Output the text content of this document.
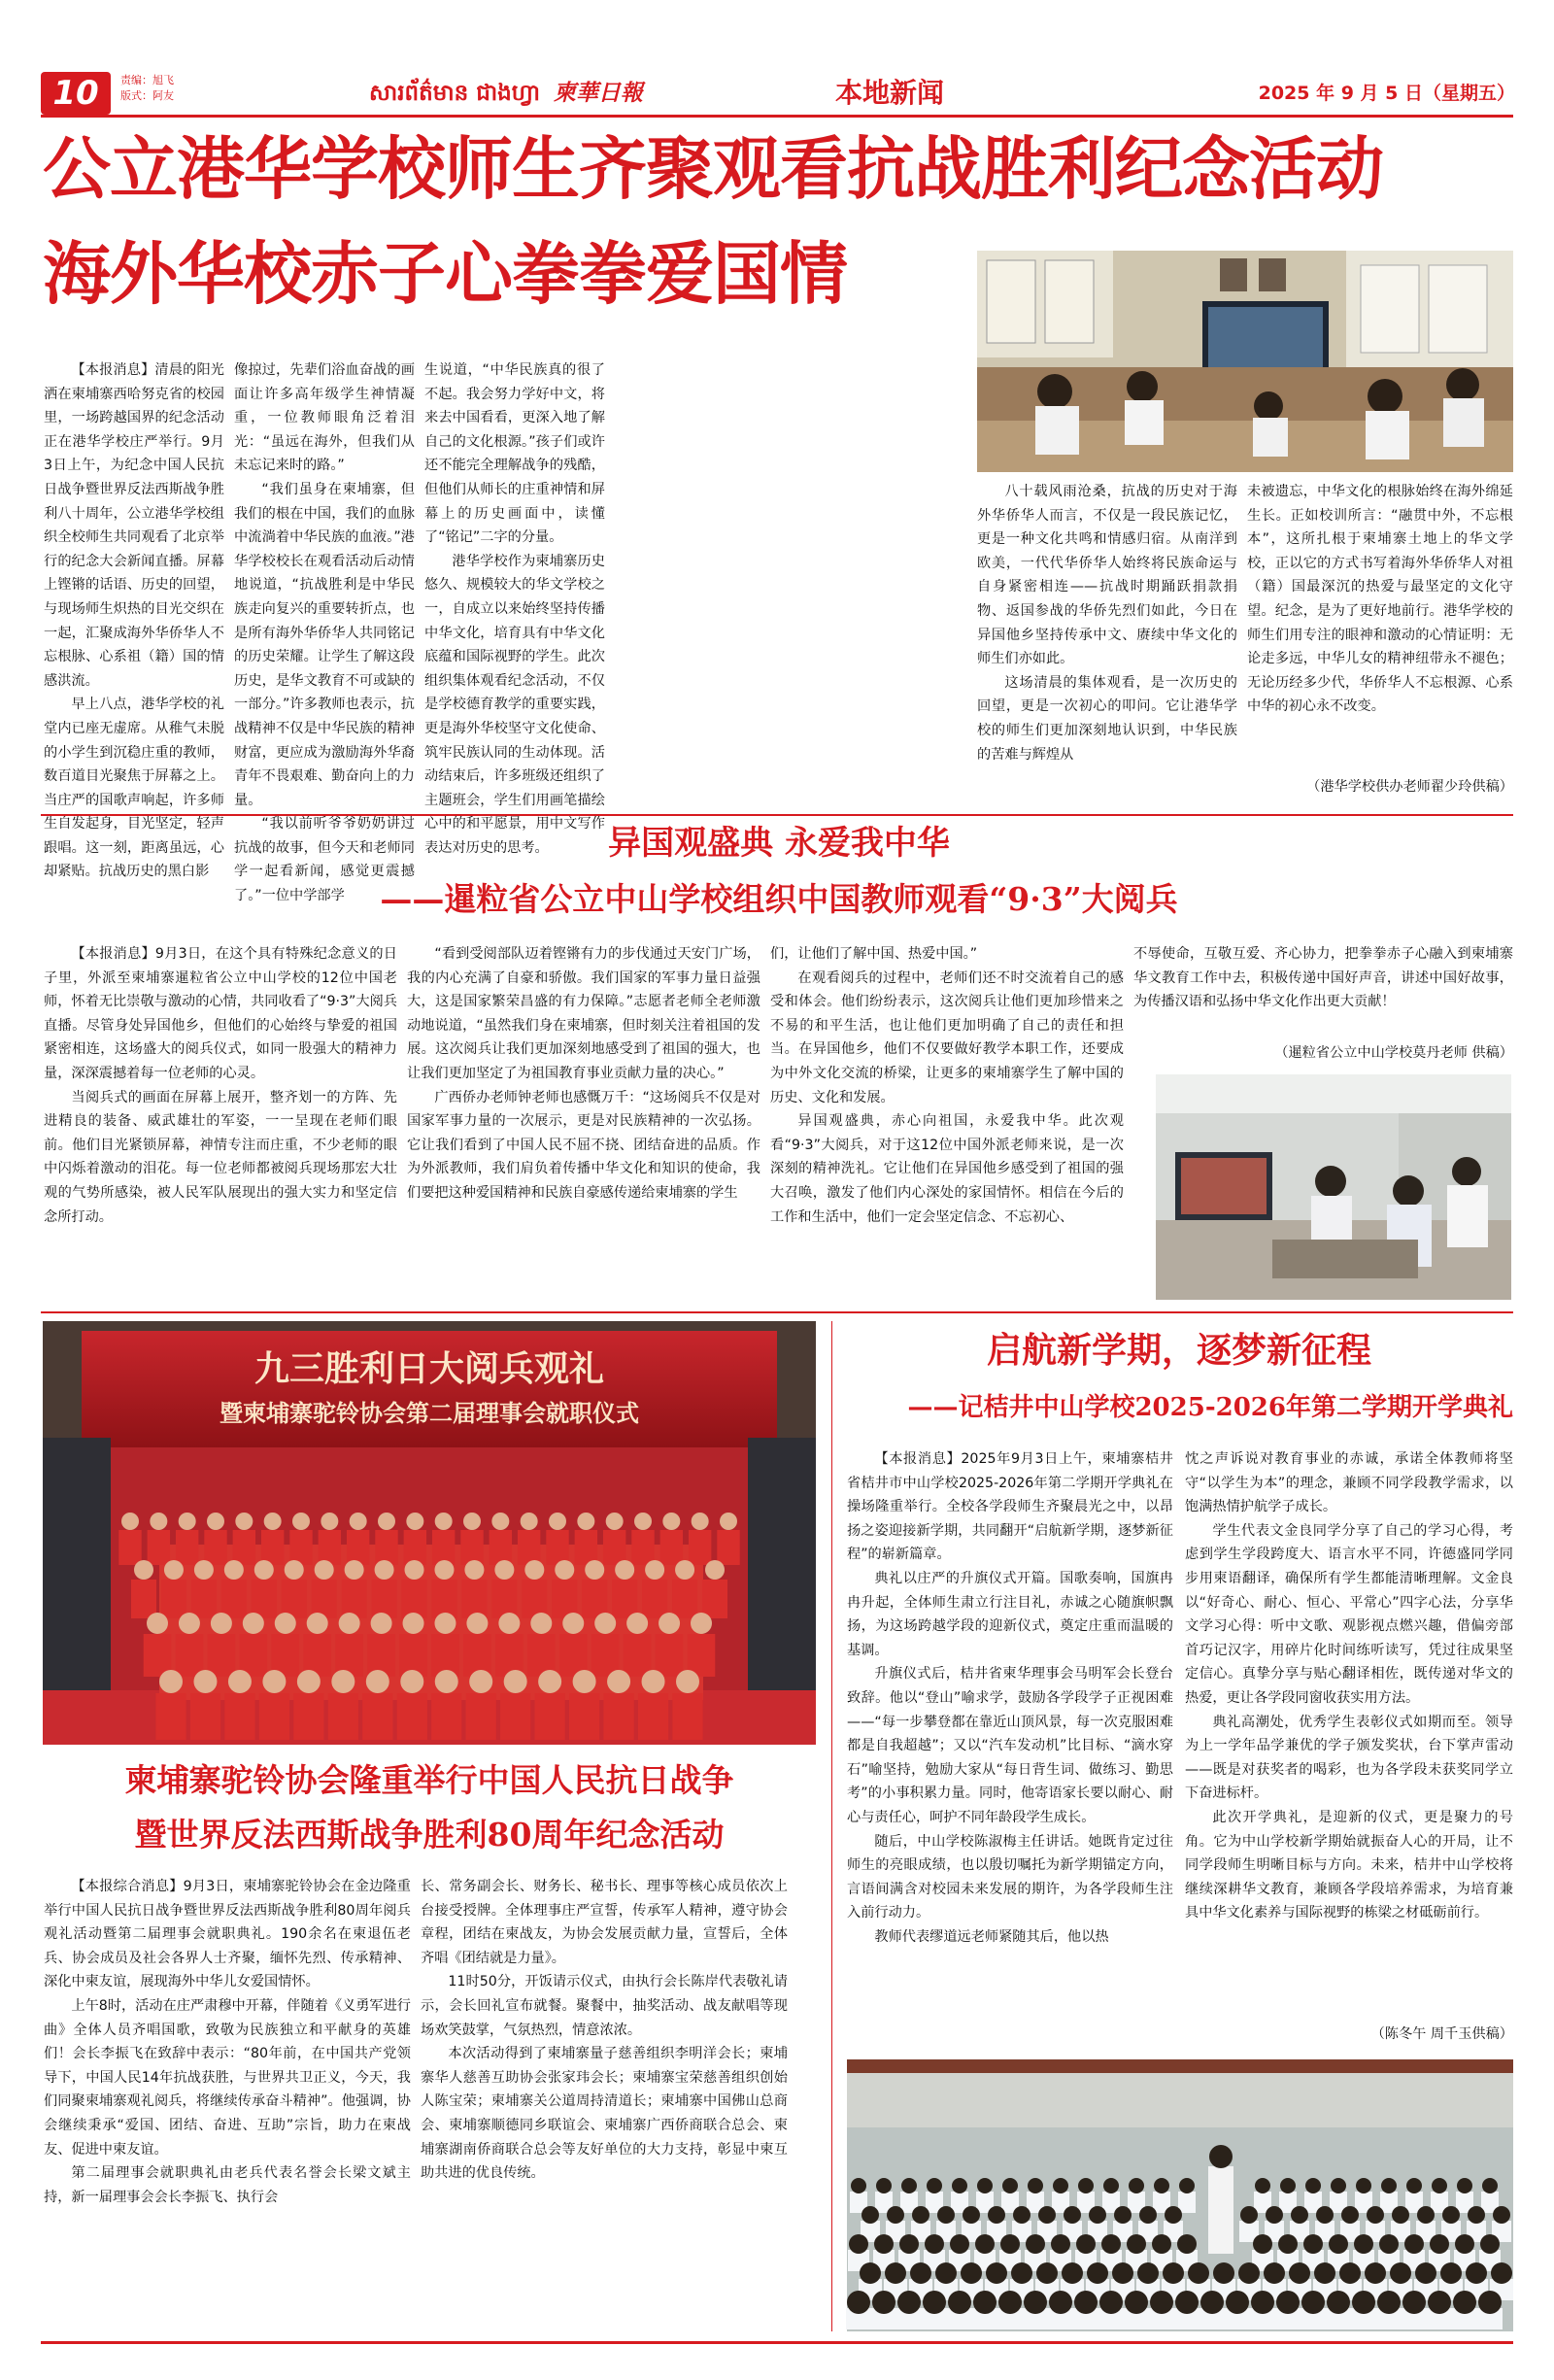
10	责编：旭飞
版式：阿友	សារព័ត៌មាន ជាងហ្វា 柬華日報	本地新闻	2025 年 9 月 5 日（星期五）
公立港华学校师生齐聚观看抗战胜利纪念活动
海外华校赤子心拳拳爱国情

【本报消息】清晨的阳光洒在柬埔寨西哈努克省的校园里，一场跨越国界的纪念活动正在港华学校庄严举行。9月3日上午，为纪念中国人民抗日战争暨世界反法西斯战争胜利八十周年，公立港华学校组织全校师生共同观看了北京举行的纪念大会新闻直播。屏幕上铿锵的话语、历史的回望，与现场师生炽热的目光交织在一起，汇聚成海外华侨华人不忘根脉、心系祖（籍）国的情感洪流。

早上八点，港华学校的礼堂内已座无虚席。从稚气未脱的小学生到沉稳庄重的教师，数百道目光聚焦于屏幕之上。当庄严的国歌声响起，许多师生自发起身，目光坚定，轻声跟唱。这一刻，距离虽远，心却紧贴。抗战历史的黑白影

像掠过，先辈们浴血奋战的画面让许多高年级学生神情凝重，一位教师眼角泛着泪光：“虽远在海外，但我们从未忘记来时的路。”

“我们虽身在柬埔寨，但我们的根在中国，我们的血脉中流淌着中华民族的血液。”港华学校校长在观看活动后动情地说道，“抗战胜利是中华民族走向复兴的重要转折点，也是所有海外华侨华人共同铭记的历史荣耀。让学生了解这段历史，是华文教育不可或缺的一部分。”许多教师也表示，抗战精神不仅是中华民族的精神财富，更应成为激励海外华裔青年不畏艰难、勤奋向上的力量。

“我以前听爷爷奶奶讲过抗战的故事，但今天和老师同学一起看新闻，感觉更震撼了。”一位中学部学

生说道，“中华民族真的很了不起。我会努力学好中文，将来去中国看看，更深入地了解自己的文化根源。”孩子们或许还不能完全理解战争的残酷，但他们从师长的庄重神情和屏幕上的历史画面中，读懂了“铭记”二字的分量。

港华学校作为柬埔寨历史悠久、规模较大的华文学校之一，自成立以来始终坚持传播中华文化，培育具有中华文化底蕴和国际视野的学生。此次组织集体观看纪念活动，不仅是学校德育教学的重要实践，更是海外华校坚守文化使命、筑牢民族认同的生动体现。活动结束后，许多班级还组织了主题班会，学生们用画笔描绘心中的和平愿景，用中文写作表达对历史的思考。

八十载风雨沧桑，抗战的历史对于海外华侨华人而言，不仅是一段民族记忆，更是一种文化共鸣和情感归宿。从南洋到欧美，一代代华侨华人始终将民族命运与自身紧密相连——抗战时期踊跃捐款捐物、返国参战的华侨先烈们如此，今日在异国他乡坚持传承中文、赓续中华文化的师生们亦如此。

这场清晨的集体观看，是一次历史的回望，更是一次初心的叩问。它让港华学校的师生们更加深刻地认识到，中华民族的苦难与辉煌从

未被遗忘，中华文化的根脉始终在海外绵延生长。正如校训所言：“融贯中外，不忘根本”，这所扎根于柬埔寨土地上的华文学校，正以它的方式书写着海外华侨华人对祖（籍）国最深沉的热爱与最坚定的文化守望。纪念，是为了更好地前行。港华学校的师生们用专注的眼神和激动的心情证明：无论走多远，中华儿女的精神纽带永不褪色；无论历经多少代，华侨华人不忘根源、心系中华的初心永不改变。

（港华学校供办老师翟少玲供稿）
异国观盛典 永爱我中华
——暹粒省公立中山学校组织中国教师观看“9·3”大阅兵

【本报消息】9月3日，在这个具有特殊纪念意义的日子里，外派至柬埔寨暹粒省公立中山学校的12位中国老师，怀着无比崇敬与激动的心情，共同收看了“9·3”大阅兵直播。尽管身处异国他乡，但他们的心始终与挚爱的祖国紧密相连，这场盛大的阅兵仪式，如同一股强大的精神力量，深深震撼着每一位老师的心灵。

当阅兵式的画面在屏幕上展开，整齐划一的方阵、先进精良的装备、威武雄壮的军姿，一一呈现在老师们眼前。他们目光紧锁屏幕，神情专注而庄重，不少老师的眼中闪烁着激动的泪花。每一位老师都被阅兵现场那宏大壮观的气势所感染，被人民军队展现出的强大实力和坚定信念所打动。

“看到受阅部队迈着铿锵有力的步伐通过天安门广场，我的内心充满了自豪和骄傲。我们国家的军事力量日益强大，这是国家繁荣昌盛的有力保障。”志愿者老师全老师激动地说道，“虽然我们身在柬埔寨，但时刻关注着祖国的发展。这次阅兵让我们更加深刻地感受到了祖国的强大，也让我们更加坚定了为祖国教育事业贡献力量的决心。”

广西侨办老师钟老师也感慨万千：“这场阅兵不仅是对国家军事力量的一次展示，更是对民族精神的一次弘扬。它让我们看到了中国人民不屈不挠、团结奋进的品质。作为外派教师，我们肩负着传播中华文化和知识的使命，我们要把这种爱国精神和民族自豪感传递给柬埔寨的学生

们，让他们了解中国、热爱中国。”

在观看阅兵的过程中，老师们还不时交流着自己的感受和体会。他们纷纷表示，这次阅兵让他们更加珍惜来之不易的和平生活，也让他们更加明确了自己的责任和担当。在异国他乡，他们不仅要做好教学本职工作，还要成为中外文化交流的桥梁，让更多的柬埔寨学生了解中国的历史、文化和发展。

异国观盛典，赤心向祖国，永爱我中华。此次观看“9·3”大阅兵，对于这12位中国外派老师来说，是一次深刻的精神洗礼。它让他们在异国他乡感受到了祖国的强大召唤，激发了他们内心深处的家国情怀。相信在今后的工作和生活中，他们一定会坚定信念、不忘初心、

不辱使命，互敬互爱、齐心协力，把拳拳赤子心融入到柬埔寨华文教育工作中去，积极传递中国好声音，讲述中国好故事，为传播汉语和弘扬中华文化作出更大贡献！

（暹粒省公立中山学校莫丹老师 供稿）
九三胜利日大阅兵观礼
暨柬埔寨驼铃协会第二届理事会就职仪式
柬埔寨驼铃协会隆重举行中国人民抗日战争
暨世界反法西斯战争胜利80周年纪念活动

【本报综合消息】9月3日，柬埔寨驼铃协会在金边隆重举行中国人民抗日战争暨世界反法西斯战争胜利80周年阅兵观礼活动暨第二届理事会就职典礼。190余名在柬退伍老兵、协会成员及社会各界人士齐聚，缅怀先烈、传承精神、深化中柬友谊，展现海外中华儿女爱国情怀。

上午8时，活动在庄严肃穆中开幕，伴随着《义勇军进行曲》全体人员齐唱国歌，致敬为民族独立和平献身的英雄们！会长李振飞在致辞中表示：“80年前，在中国共产党领导下，中国人民14年抗战获胜，与世界共卫正义，今天，我们同聚柬埔寨观礼阅兵，将继续传承奋斗精神”。他强调，协会继续秉承“爱国、团结、奋进、互助”宗旨，助力在柬战友、促进中柬友谊。

第二届理事会就职典礼由老兵代表名誉会长梁文斌主持，新一届理事会会长李振飞、执行会

长、常务副会长、财务长、秘书长、理事等核心成员依次上台接受授牌。全体理事庄严宣誓，传承军人精神，遵守协会章程，团结在柬战友，为协会发展贡献力量，宣誓后，全体齐唱《团结就是力量》。

11时50分，开饭请示仪式，由执行会长陈岸代表敬礼请示，会长回礼宣布就餐。聚餐中，抽奖活动、战友献唱等现场欢笑鼓掌，气氛热烈，情意浓浓。

本次活动得到了柬埔寨量子慈善组织李明洋会长；柬埔寨华人慈善互助协会张家玮会长；柬埔寨宝荣慈善组织创始人陈宝荣；柬埔寨关公道周持清道长；柬埔寨中国佛山总商会、柬埔寨顺德同乡联谊会、柬埔寨广西侨商联合总会、柬埔寨湖南侨商联合总会等友好单位的大力支持，彰显中柬互助共进的优良传统。

启航新学期，逐梦新征程
——记桔井中山学校2025-2026年第二学期开学典礼

【本报消息】2025年9月3日上午，柬埔寨桔井省桔井市中山学校2025-2026年第二学期开学典礼在操场隆重举行。全校各学段师生齐聚晨光之中，以昂扬之姿迎接新学期，共同翻开“启航新学期，逐梦新征程”的崭新篇章。

典礼以庄严的升旗仪式开篇。国歌奏响，国旗冉冉升起，全体师生肃立行注目礼，赤诚之心随旗帜飘扬，为这场跨越学段的迎新仪式，奠定庄重而温暖的基调。

升旗仪式后，桔井省柬华理事会马明军会长登台致辞。他以“登山”喻求学，鼓励各学段学子正视困难——“每一步攀登都在靠近山顶风景，每一次克服困难都是自我超越”；又以“汽车发动机”比目标、“滴水穿石”喻坚持，勉励大家从“每日背生词、做练习、勤思考”的小事积累力量。同时，他寄语家长要以耐心、耐心与责任心，呵护不同年龄段学生成长。

随后，中山学校陈淑梅主任讲话。她既肯定过往师生的亮眼成绩，也以殷切嘱托为新学期锚定方向，言语间满含对校园未来发展的期许，为各学段师生注入前行动力。

教师代表缪道远老师紧随其后，他以热

忱之声诉说对教育事业的赤诚，承诺全体教师将坚守“以学生为本”的理念，兼顾不同学段教学需求，以饱满热情护航学子成长。

学生代表文金良同学分享了自己的学习心得，考虑到学生学段跨度大、语言水平不同，许德盛同学同步用柬语翻译，确保所有学生都能清晰理解。文金良以“好奇心、耐心、恒心、平常心”四字心法，分享华文学习心得：听中文歌、观影视点燃兴趣，借偏旁部首巧记汉字，用碎片化时间练听读写，凭过往成果坚定信心。真挚分享与贴心翻译相佐，既传递对华文的热爱，更让各学段同窗收获实用方法。

典礼高潮处，优秀学生表彰仪式如期而至。领导为上一学年品学兼优的学子颁发奖状，台下掌声雷动——既是对获奖者的喝彩，也为各学段未获奖同学立下奋进标杆。

此次开学典礼，是迎新的仪式，更是聚力的号角。它为中山学校新学期始就振奋人心的开局，让不同学段师生明晰目标与方向。未来，桔井中山学校将继续深耕华文教育，兼顾各学段培养需求，为培育兼具中华文化素养与国际视野的栋梁之材砥砺前行。

（陈冬午 周千玉供稿）
